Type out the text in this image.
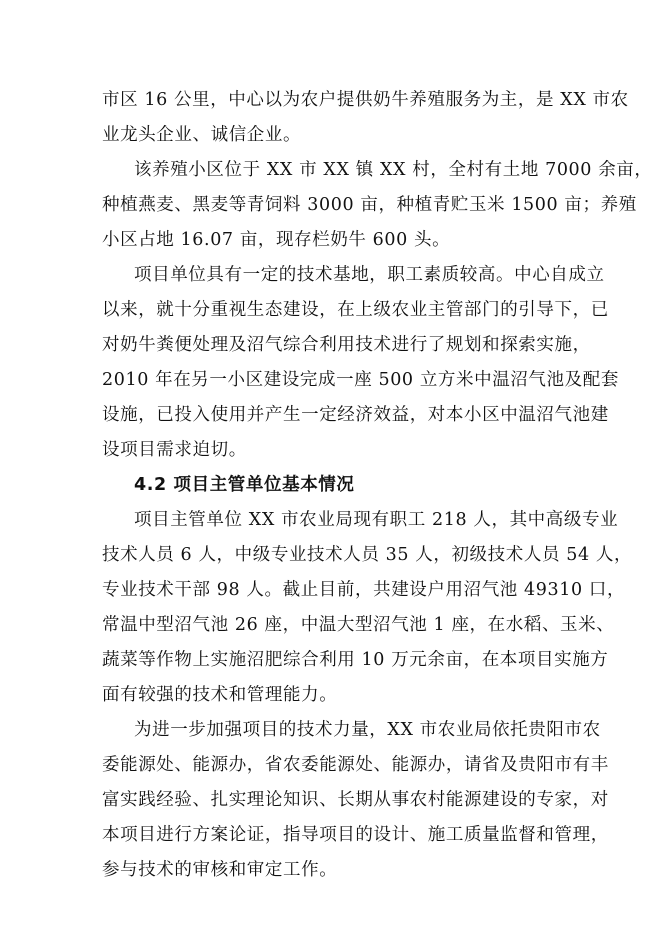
市区 16 公里，中心以为农户提供奶牛养殖服务为主，是 XX 市农

业龙头企业、诚信企业。

该养殖小区位于 XX 市 XX 镇 XX 村，全村有土地 7000 余亩，

种植燕麦、黑麦等青饲料 3000 亩，种植青贮玉米 1500 亩；养殖

小区占地 16.07 亩，现存栏奶牛 600 头。

项目单位具有一定的技术基地，职工素质较高。中心自成立

以来，就十分重视生态建设，在上级农业主管部门的引导下，已

对奶牛粪便处理及沼气综合利用技术进行了规划和探索实施，

2010 年在另一小区建设完成一座 500 立方米中温沼气池及配套

设施，已投入使用并产生一定经济效益，对本小区中温沼气池建

设项目需求迫切。

4.2 项目主管单位基本情况

项目主管单位 XX 市农业局现有职工 218 人，其中高级专业

技术人员 6 人，中级专业技术人员 35 人，初级技术人员 54 人，

专业技术干部 98 人。截止目前，共建设户用沼气池 49310 口，

常温中型沼气池 26 座，中温大型沼气池 1 座，在水稻、玉米、

蔬菜等作物上实施沼肥综合利用 10 万元余亩，在本项目实施方

面有较强的技术和管理能力。

为进一步加强项目的技术力量，XX 市农业局依托贵阳市农

委能源处、能源办，省农委能源处、能源办，请省及贵阳市有丰

富实践经验、扎实理论知识、长期从事农村能源建设的专家，对

本项目进行方案论证，指导项目的设计、施工质量监督和管理，

参与技术的审核和审定工作。
